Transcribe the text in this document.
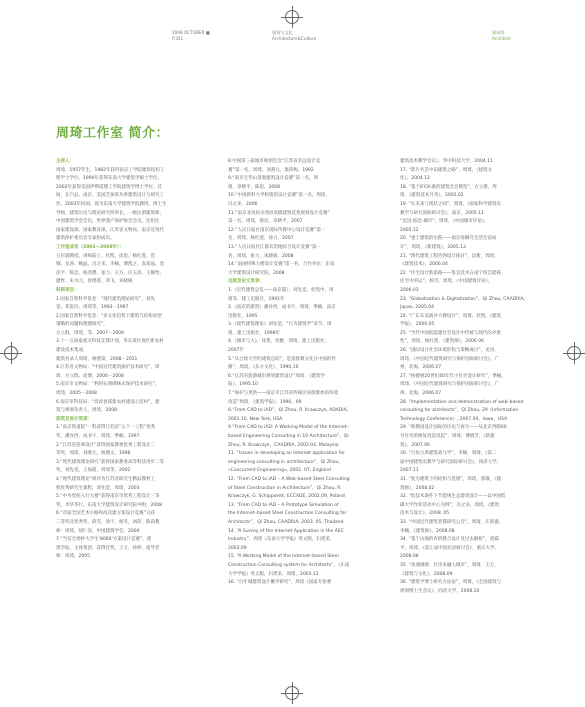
2008.OCTOBER ■
P.351
建筑与文化
Architecture&Culture
建筑师
Architect
周琦工作室 简介：

主持人：

周琦，1957年生，1982年获得南京工学院建筑结构工

程学士学位，1990年获得东南大学建筑学硕士学位，

2002年获得美国伊利诺理工学院建筑学博士学位。其

间，在汽总、南京、美国芝加哥从事建筑设计与研究工

作。2003年回国，现为东南大学建筑学院教授，博士生

导师，建筑历史与理论研究所所长。一级注册建筑师，

中国建筑学会会员，世界遗产保护协会会员。还担任

国家建设部、国家教育部、江苏省文物局、南京近现代

建筑保护委员会专家组成员。

工作室成员（2003—2008年）：

五位副教授、讲师陆上、杜凯、徐思、杨红莲、范

钢、龙涛、鲍晶、冯之来、李楠、傅凯之、袁高晶、金

彦平、陈忠、杨善爵、张力、王万、庄玉清、王静怡、

廖哲、朱为元、曾德慈、邓飞、朱晓嫣

科研项目：

1.国家自然科学基金：“现代建筑理论研究”，刘先

觉、邓思玲、周琦等，1993－1997

2.国家自然科学基金：“多文化趋势下建筑与结构改型

策略的问题和理建研究”，

方立群、周琦，等，2007－2009

3.十一五国家重点科技支撑计划，华东某区地区新农村

建设技术集成，

建筑名录人周琦，杨德第，2008－2011

4.江苏省文物局：“中国近代建筑保护技术研究”，周

琦、方立群、庞博，2006－2008

5.南京市文物局：“利用石刻碑林式保护技术研究”，

周琦，2005－2008

6.南京市科技局：“高淳县郑新农村建设示范村”，建

筑与规划负责人，周琦，2008

获奖及设计奖项：

1.“南京铁道院”一科获得江苏省“五个一工程”优秀

奖，潘谷西、成书宇，周琦，季楠，1997

2.“江苏省连翠设计”获得国家教委优秀工程设计二

等奖，周琦，刘燕元，杨德文，1998

3.“现代建筑理论研究”获得国家教委高等科技进步二等

奖，刘先觉，王海霞，周琦等，2002

4.“现代建筑理论”被评为江苏省研究生精品教材工

程优秀研究生课程，刘先觉，周琦，2003

5.“中央党校入行大楼”获得南京市优秀工程设计三等

奖，李华华行、东南大学建筑设计研究院中附，2008

6.“首届全国艺术小路和高及建方案设计竞赛”分获

二等奖及优秀奖，薛雪，徐宇，杨冬，刘萍，陈昂教

师：周琦，胡仁泽，中国建筑学会，2004

7.“当信全场杯大学生‘8060’方案设计竞赛”，建

筑学报，主体集团，获得佳奖，王万，孙婷，指导老

师：周琦，2005

8.中国第三届城市规划会会“江苏省亲远设计竞

赛”第一名，周琦，刘燕元，康荷梅，1992

9.“南京宝华山景观建筑设计竞赛”第一名，周

琦，章耕平，陈思，2008

10.“中国新科大学校墙馆设计竞赛”第一名，周琦，

冯之来，2006

11.“南京北风尚水苑居高级建筑花苑规划设计竞赛”

第一名，周琦，蔡昆，章耕平，2007

12.“人民日报社南京国际传媒中心设计竞赛”第一

名，周琦，杨红莲，徐力，2007

13.“人民日报社江都宾馆地综合设计竞赛”第一

名，周琦，张力，朱晓嫣，2008

14.“南国特殊大楼设计竞赛”第一名，合作单位：东南

大学建筑设计研究院，2008

出版及论文发表：

1.《近代建筑总览——南京篇》，刘先觉，杜凯中，周

琦等，建工出版社，1991年

2.《南京的建筑》潘谷西，成书宇，周琦，季楠，南京

出版社，1995

3.《现代建筑理论》刘先觉，“行为建筑学”章节，周

琦，建工出版社，1998年

4.《城市与人》，译著，宛雅，周琦，建工出版社，

2007年

5.“从合境大学的建筑总结”，是基督教文化在中国的传

播”，周琦，《东方文化》，1990.10

6.“江苏省旅游城市规划建筑设计”周琦，《建筑学

报》，1995.10

7.“保护与更新——南京市江苏省传统民居街群体的环境

改造”周琦，《建筑学报》，1996，09

8.“From CAD to iAD”，Qi Zhou, R. Krawczyk, ADADIA,

2001.10, New York, USA

9.“From CAD to iAD: A Working Model of the Internet–

based Engineering Consulting in 10 Architecture”，Qi

Zhou, R. Krawczyk，CAADRIA, 2002.04, Malaysia

11. “Issues in developing an Internet application for

engineering consulting in architecture”，Qi Zhou，

«Concurrent Engineering», 2002. 07, England

12. “From CAD to iAD – A Web–based Steel Consulting

of Steel Construction in Architecture”，Qi Zhou, R.

Krawczyk, G. Schipporeit, ECCADE, 2002.09, Poland

13. “From CAD to iAD – A Prototype Simulation of

the Internet–based Steel Construction Consulting for

Architects”，Qi Zhou, CAADRIA, 2003. 05, Thailand

14. “A Survey of the Internet Application in the AEC

Industry”，周琦《东南大学学报》英文版，归类采，

2003.09

15. “A Working Model of the Internet–based Steel

Construction Consulting system for Architects”，《东南

大学学报》英文版，归类采，周琦，2003.12

16. “百年城建筑设计概学研究”，周琦《国家专指委

建筑技术教学会议》，华中科技大学，2004.11

17. “影片共芸中田建筑之路”，周琦，《建筑文

化》，2004.12

18. “基于IFC标准的建筑全会模型”，方立群，周

琦，《建筑技术月刊》，2005.02

19. “在未来与现状之间”，周琦，《国家科学建筑史

教学与研究国际研讨会》，南京，2005.11

“沉浸·惊恐·城市”，周琦，《中国城市评论》，

2005.12

20. “重士建筑的实践——南京春御乌生活会前成

计”，周琦，《新建筑》，2005.12

21. “现代建筑工程咨询设计探讨”，边新，周琦，

《建筑技术》，2006.04

22. “住宅设计新思路——鉴宜技术在南宁扬艺能耗

住宅中的运”，杨雪，周琦，《中国建筑评论》，

2006.03

23. “Globalization & Digitalization”，Qi Zhou, CAADRIA,

Japan, 2005.04

24. “广东东美商沙大楼设计”，周琦、杜凯，《建筑

学报》，2006.05

25. “当代中国低能建住宅设计中传统与现代的矛盾

性”，周琦，杨红莲，《建筑师》，2006.06

26. “国际设计社会环境形构与策略成讨”，龙涛，

周琦，《中国近代建筑研究与保护国际研讨会》，广

州，北海，2006.07

27. “杨德惠20世纪40年代小住宅设计研究”，季楠，

周琦，《中国近代建筑研究与保护国际研讨会》，广

州，北海，2006.07

28. “Implementation and demonstration of web–based

consulting for architects”，Qi Zhou, 29《Information

Technology Conference》, 2007.04，Iowa，USA

29. “新教园设计国际的历史与再生——从北京西路60

号住宅的修复改造说起”，周琦；傅晓芳，《新建

筑》，2007.06

30. “百岁古典建筑战与学”，李楠，周琦，《第二

届中国建筑史教学与研究国际研讨会》，同济大学，

2007.11

31. “复为建筑下的结构与范围”，周琦，郭敏，《建

筑师》，2008.02

32. “低技术条件下节能规生态建筑设计——以中国低

碳大学作库活动中心为例”，冯之来，周琦，《建筑

技术与设计》，2008. 05

33. “中国近代建筑普都研究公会”，周琦，庄新器，

李楠，《建筑师》，2008.08

34. “基于山地的有机整合设计及过去解析”，唐霖

平，周琦，《第七届中国民居研讨会》，重庆大学，

2008.08

35. “高速城镇：让出来融入城市”，周琦，王万，

《建筑与文化》，2008.09

36. “建筑学博士研究方法论”，周琦，《全国建筑与

规划博士生会议》，同济大学，2008.10
